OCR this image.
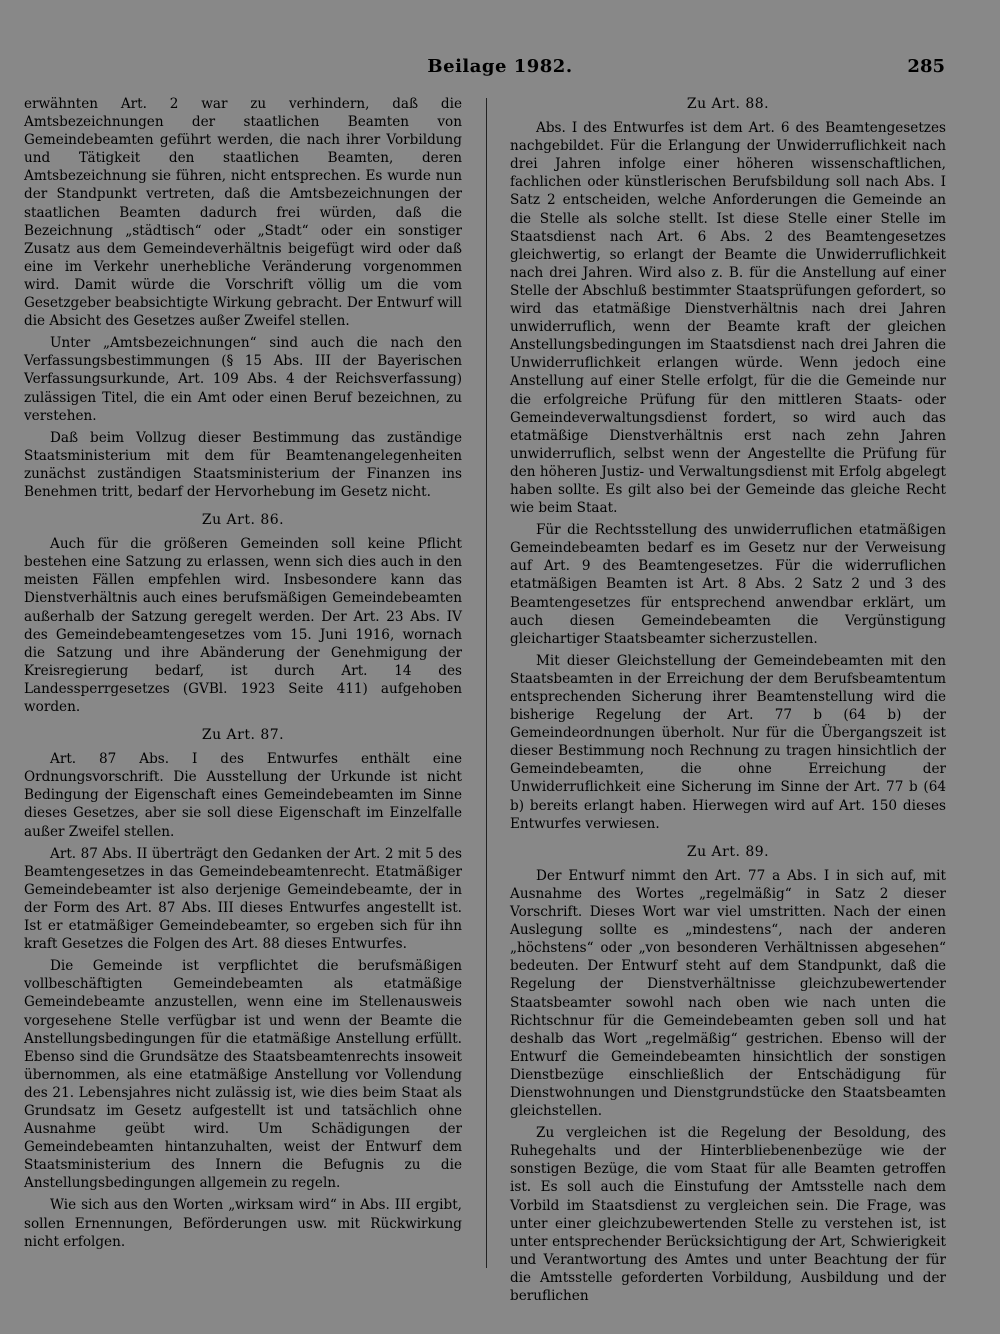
Beilage 1982.	285

erwähnten Art. 2 war zu verhindern, daß die Amtsbezeichnungen der staatlichen Beamten von Gemeindebeamten geführt werden, die nach ihrer Vorbildung und Tätigkeit den staatlichen Beamten, deren Amtsbezeichnung sie führen, nicht entsprechen. Es wurde nun der Standpunkt vertreten, daß die Amtsbezeichnungen der staatlichen Beamten dadurch frei würden, daß die Bezeichnung „städtisch“ oder „Stadt“ oder ein sonstiger Zusatz aus dem Gemeindeverhältnis beigefügt wird oder daß eine im Verkehr unerhebliche Veränderung vorgenommen wird. Damit würde die Vorschrift völlig um die vom Gesetzgeber beabsichtigte Wirkung gebracht. Der Entwurf will die Absicht des Gesetzes außer Zweifel stellen.

Unter „Amtsbezeichnungen“ sind auch die nach den Verfassungsbestimmungen (§ 15 Abs. III der Bayerischen Verfassungsurkunde, Art. 109 Abs. 4 der Reichsverfassung) zulässigen Titel, die ein Amt oder einen Beruf bezeichnen, zu verstehen.

Daß beim Vollzug dieser Bestimmung das zuständige Staatsministerium mit dem für Beamtenangelegenheiten zunächst zuständigen Staatsministerium der Finanzen ins Benehmen tritt, bedarf der Hervorhebung im Gesetz nicht.

Zu Art. 86.

Auch für die größeren Gemeinden soll keine Pflicht bestehen eine Satzung zu erlassen, wenn sich dies auch in den meisten Fällen empfehlen wird. Insbesondere kann das Dienstverhältnis auch eines berufsmäßigen Gemeindebeamten außerhalb der Satzung geregelt werden. Der Art. 23 Abs. IV des Gemeindebeamtengesetzes vom 15. Juni 1916, wornach die Satzung und ihre Abänderung der Genehmigung der Kreisregierung bedarf, ist durch Art. 14 des Landessperrgesetzes (GVBl. 1923 Seite 411) aufgehoben worden.

Zu Art. 87.

Art. 87 Abs. I des Entwurfes enthält eine Ordnungsvorschrift. Die Ausstellung der Urkunde ist nicht Bedingung der Eigenschaft eines Gemeindebeamten im Sinne dieses Gesetzes, aber sie soll diese Eigenschaft im Einzelfalle außer Zweifel stellen.

Art. 87 Abs. II überträgt den Gedanken der Art. 2 mit 5 des Beamtengesetzes in das Gemeindebeamtenrecht. Etatmäßiger Gemeindebeamter ist also derjenige Gemeindebeamte, der in der Form des Art. 87 Abs. III dieses Entwurfes angestellt ist. Ist er etatmäßiger Gemeindebeamter, so ergeben sich für ihn kraft Gesetzes die Folgen des Art. 88 dieses Entwurfes.

Die Gemeinde ist verpflichtet die berufsmäßigen vollbeschäftigten Gemeindebeamten als etatmäßige Gemeindebeamte anzustellen, wenn eine im Stellenausweis vorgesehene Stelle verfügbar ist und wenn der Beamte die Anstellungsbedingungen für die etatmäßige Anstellung erfüllt. Ebenso sind die Grundsätze des Staatsbeamtenrechts insoweit übernommen, als eine etatmäßige Anstellung vor Vollendung des 21. Lebensjahres nicht zulässig ist, wie dies beim Staat als Grundsatz im Gesetz aufgestellt ist und tatsächlich ohne Ausnahme geübt wird. Um Schädigungen der Gemeindebeamten hintanzuhalten, weist der Entwurf dem Staatsministerium des Innern die Befugnis zu die Anstellungsbedingungen allgemein zu regeln.

Wie sich aus den Worten „wirksam wird“ in Abs. III ergibt, sollen Ernennungen, Beförderungen usw. mit Rückwirkung nicht erfolgen.

Zu Art. 88.

Abs. I des Entwurfes ist dem Art. 6 des Beamtengesetzes nachgebildet. Für die Erlangung der Unwiderruflichkeit nach drei Jahren infolge einer höheren wissenschaftlichen, fachlichen oder künstlerischen Berufsbildung soll nach Abs. I Satz 2 entscheiden, welche Anforderungen die Gemeinde an die Stelle als solche stellt. Ist diese Stelle einer Stelle im Staatsdienst nach Art. 6 Abs. 2 des Beamtengesetzes gleichwertig, so erlangt der Beamte die Unwiderruflichkeit nach drei Jahren. Wird also z. B. für die Anstellung auf einer Stelle der Abschluß bestimmter Staatsprüfungen gefordert, so wird das etatmäßige Dienstverhältnis nach drei Jahren unwiderruflich, wenn der Beamte kraft der gleichen Anstellungsbedingungen im Staatsdienst nach drei Jahren die Unwiderruflichkeit erlangen würde. Wenn jedoch eine Anstellung auf einer Stelle erfolgt, für die die Gemeinde nur die erfolgreiche Prüfung für den mittleren Staats- oder Gemeindeverwaltungsdienst fordert, so wird auch das etatmäßige Dienstverhältnis erst nach zehn Jahren unwiderruflich, selbst wenn der Angestellte die Prüfung für den höheren Justiz- und Verwaltungsdienst mit Erfolg abgelegt haben sollte. Es gilt also bei der Gemeinde das gleiche Recht wie beim Staat.

Für die Rechtsstellung des unwiderruflichen etatmäßigen Gemeindebeamten bedarf es im Gesetz nur der Verweisung auf Art. 9 des Beamtengesetzes. Für die widerruflichen etatmäßigen Beamten ist Art. 8 Abs. 2 Satz 2 und 3 des Beamtengesetzes für entsprechend anwendbar erklärt, um auch diesen Gemeindebeamten die Vergünstigung gleichartiger Staatsbeamter sicherzustellen.

Mit dieser Gleichstellung der Gemeindebeamten mit den Staatsbeamten in der Erreichung der dem Berufsbeamtentum entsprechenden Sicherung ihrer Beamtenstellung wird die bisherige Regelung der Art. 77 b (64 b) der Gemeindeordnungen überholt. Nur für die Übergangszeit ist dieser Bestimmung noch Rechnung zu tragen hinsichtlich der Gemeindebeamten, die ohne Erreichung der Unwiderruflichkeit eine Sicherung im Sinne der Art. 77 b (64 b) bereits erlangt haben. Hierwegen wird auf Art. 150 dieses Entwurfes verwiesen.

Zu Art. 89.

Der Entwurf nimmt den Art. 77 a Abs. I in sich auf, mit Ausnahme des Wortes „regelmäßig“ in Satz 2 dieser Vorschrift. Dieses Wort war viel umstritten. Nach der einen Auslegung sollte es „mindestens“, nach der anderen „höchstens“ oder „von besonderen Verhältnissen abgesehen“ bedeuten. Der Entwurf steht auf dem Standpunkt, daß die Regelung der Dienstverhältnisse gleichzubewertender Staatsbeamter sowohl nach oben wie nach unten die Richtschnur für die Gemeindebeamten geben soll und hat deshalb das Wort „regelmäßig“ gestrichen. Ebenso will der Entwurf die Gemeindebeamten hinsichtlich der sonstigen Dienstbezüge einschließlich der Entschädigung für Dienstwohnungen und Dienstgrundstücke den Staatsbeamten gleichstellen.

Zu vergleichen ist die Regelung der Besoldung, des Ruhegehalts und der Hinterbliebenenbezüge wie der sonstigen Bezüge, die vom Staat für alle Beamten getroffen ist. Es soll auch die Einstufung der Amtsstelle nach dem Vorbild im Staatsdienst zu vergleichen sein. Die Frage, was unter einer gleichzubewertenden Stelle zu verstehen ist, ist unter entsprechender Berücksichtigung der Art, Schwierigkeit und Verantwortung des Amtes und unter Beachtung der für die Amtsstelle geforderten Vorbildung, Ausbildung und der beruflichen
